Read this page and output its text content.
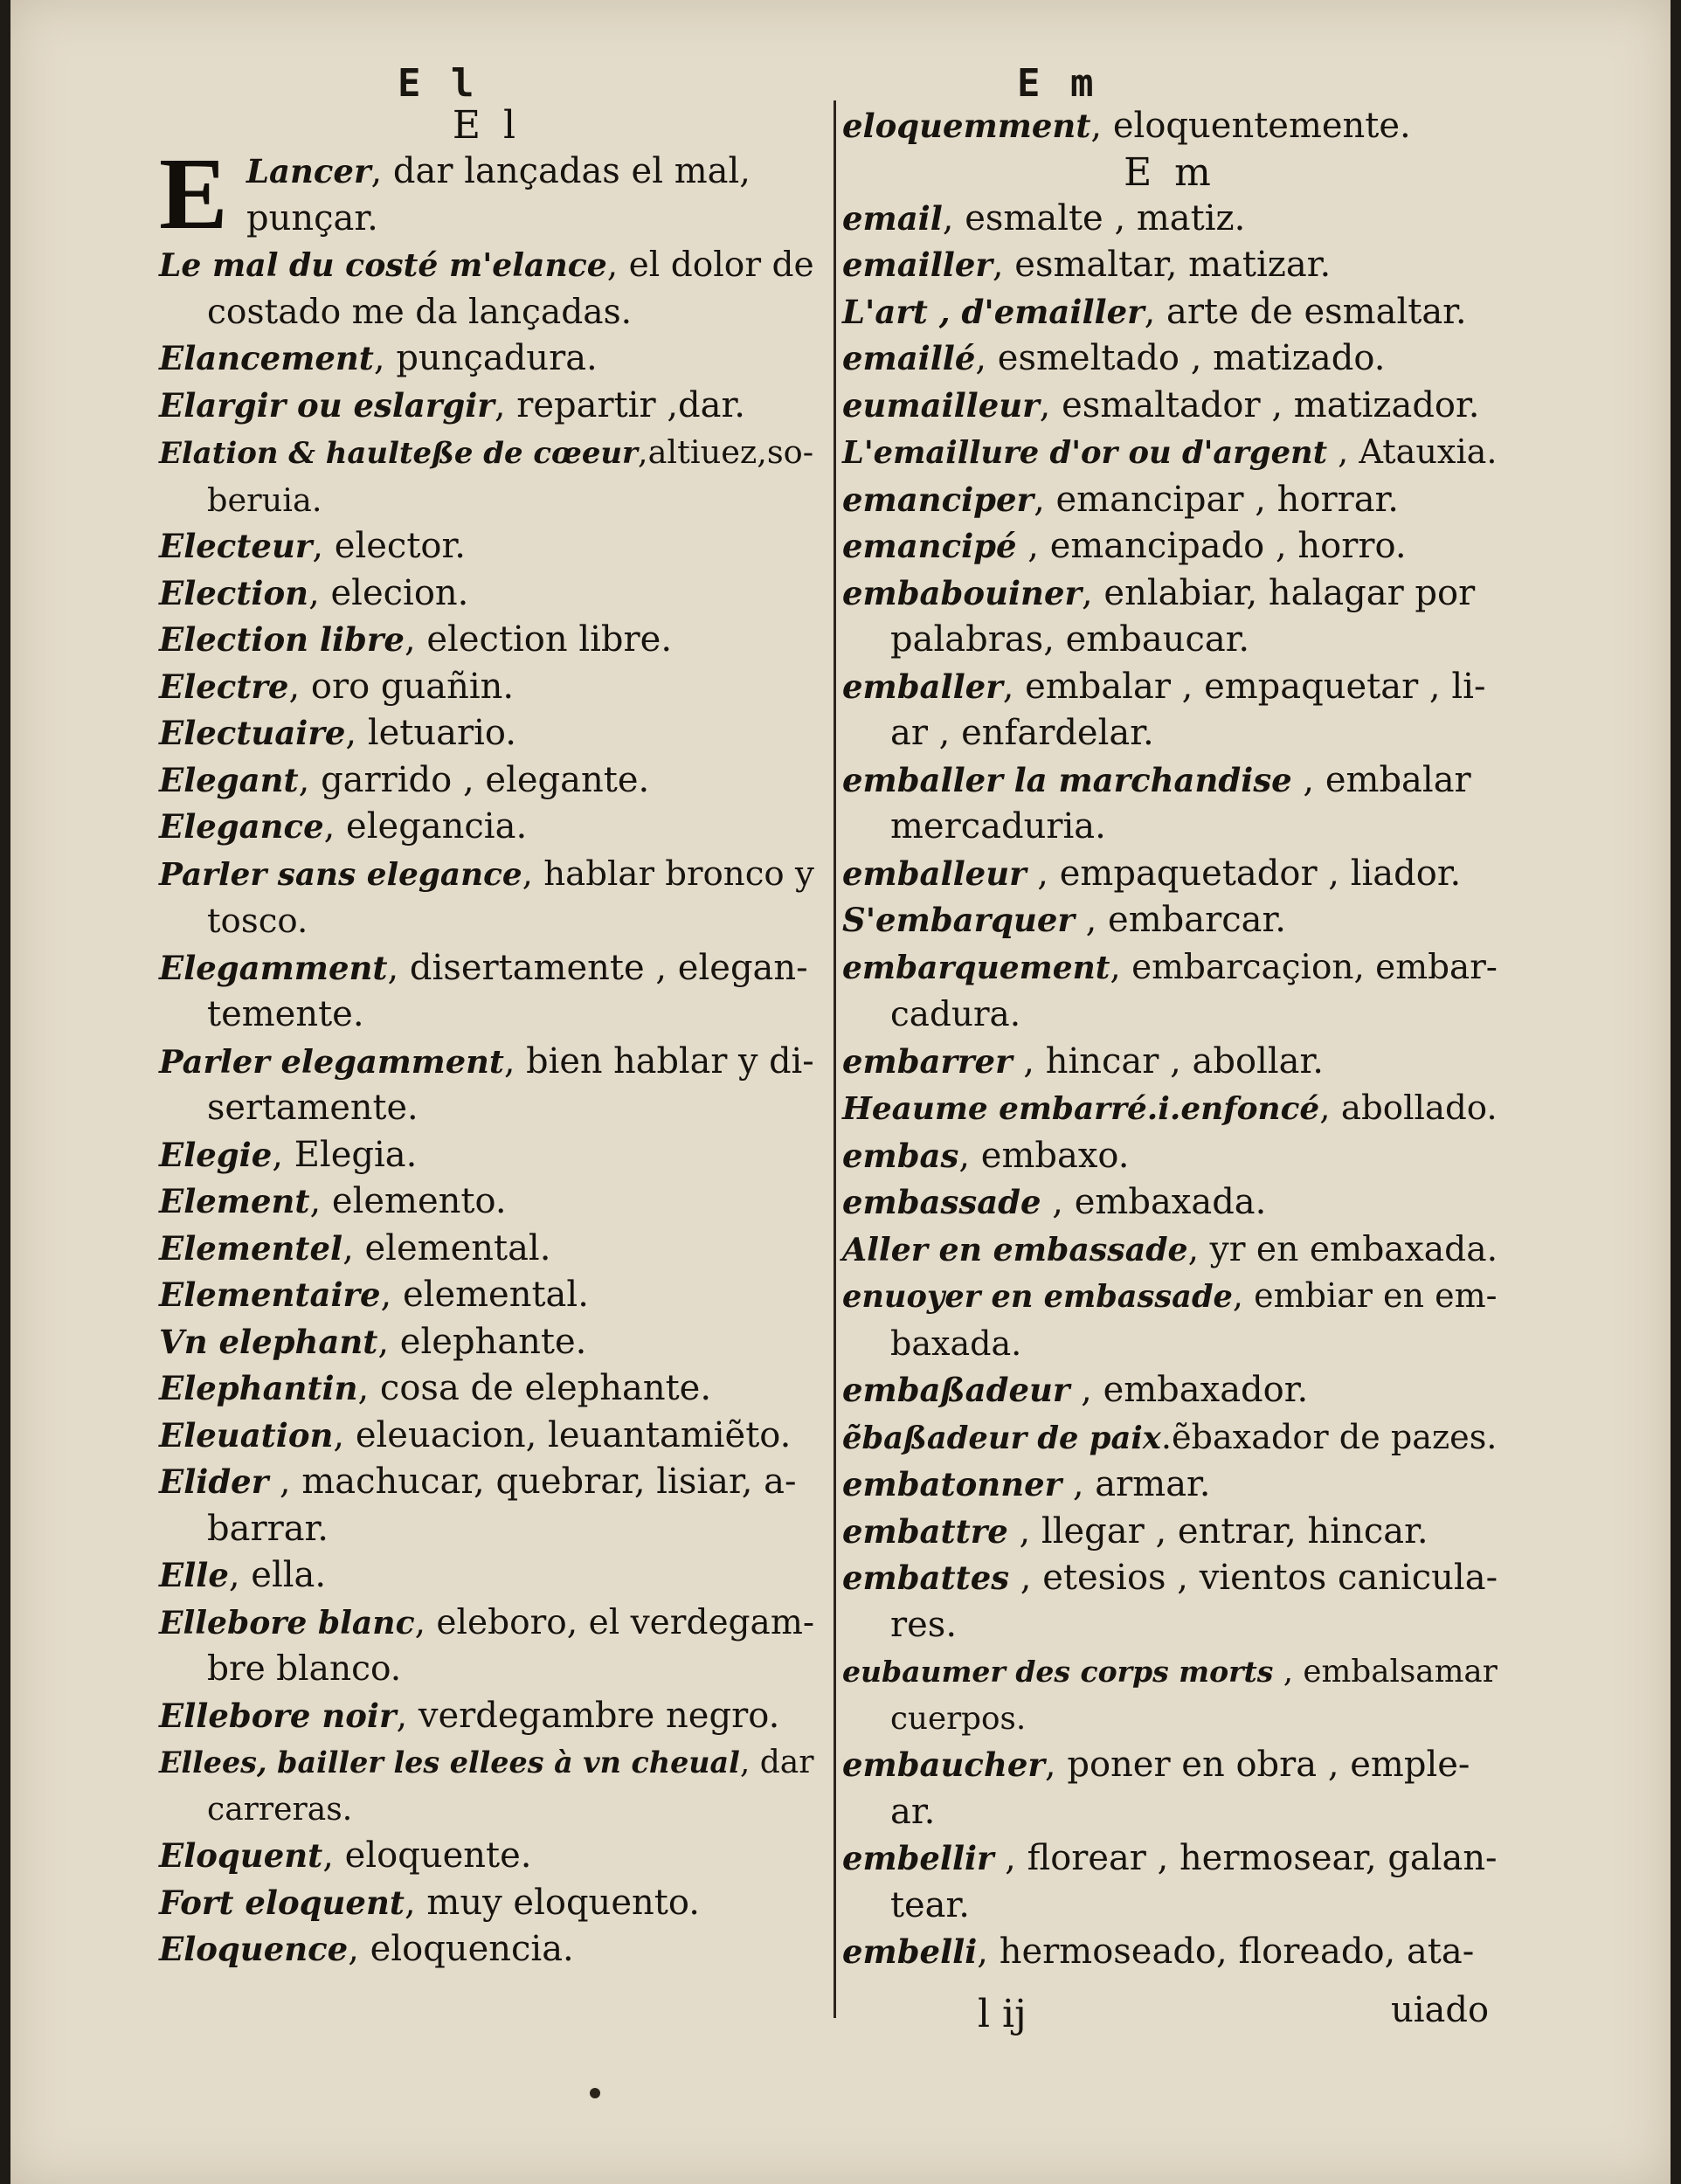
E l	E m
E l
E Lancer, dar lançadas el mal,
punçar.
Le mal du costé m'elance, el dolor de
costado me da lançadas.
Elancement, punçadura.
Elargir ou eslargir, repartir ,dar.
Elation & haulteße de cœeur,altiuez,so-
beruia.
Electeur, elector.
Election, elecion.
Election libre, election libre.
Electre, oro guañin.
Electuaire, letuario.
Elegant, garrido , elegante.
Elegance, elegancia.
Parler sans elegance, hablar bronco y
tosco.
Elegamment, disertamente , elegan-
temente.
Parler elegamment, bien hablar y di-
sertamente.
Elegie, Elegia.
Element, elemento.
Elementel, elemental.
Elementaire, elemental.
Vn elephant, elephante.
Elephantin, cosa de elephante.
Eleuation, eleuacion, leuantamiẽto.
Elider , machucar, quebrar, lisiar, a-
barrar.
Elle, ella.
Ellebore blanc, eleboro, el verdegam-
bre blanco.
Ellebore noir, verdegambre negro.
Ellees, bailler les ellees à vn cheual, dar
carreras.
Eloquent, eloquente.
Fort eloquent, muy eloquento.
Eloquence, eloquencia.
eloquemment, eloquentemente.
E m
email, esmalte , matiz.
emailler, esmaltar, matizar.
L'art , d'emailler, arte de esmaltar.
emaillé, esmeltado , matizado.
eumailleur, esmaltador , matizador.
L'emaillure d'or ou d'argent , Atauxia.
emanciper, emancipar , horrar.
emancipé , emancipado , horro.
embabouiner, enlabiar, halagar por
palabras, embaucar.
emballer, embalar , empaquetar , li-
ar , enfardelar.
emballer la marchandise , embalar
mercaduria.
emballeur , empaquetador , liador.
S'embarquer , embarcar.
embarquement, embarcaçion, embar-
cadura.
embarrer , hincar , abollar.
Heaume embarré.i.enfoncé, abollado.
embas, embaxo.
embassade , embaxada.
Aller en embassade, yr en embaxada.
enuoyer en embassade, embiar en em-
baxada.
embaßadeur , embaxador.
ẽbaßadeur de paix.ẽbaxador de pazes.
embatonner , armar.
embattre , llegar , entrar, hincar.
embattes , etesios , vientos canicula-
res.
eubaumer des corps morts , embalsamar
cuerpos.
embaucher, poner en obra , emple-
ar.
embellir , florear , hermosear, galan-
tear.
embelli, hermoseado, floreado, ata-
l ij	uiado
